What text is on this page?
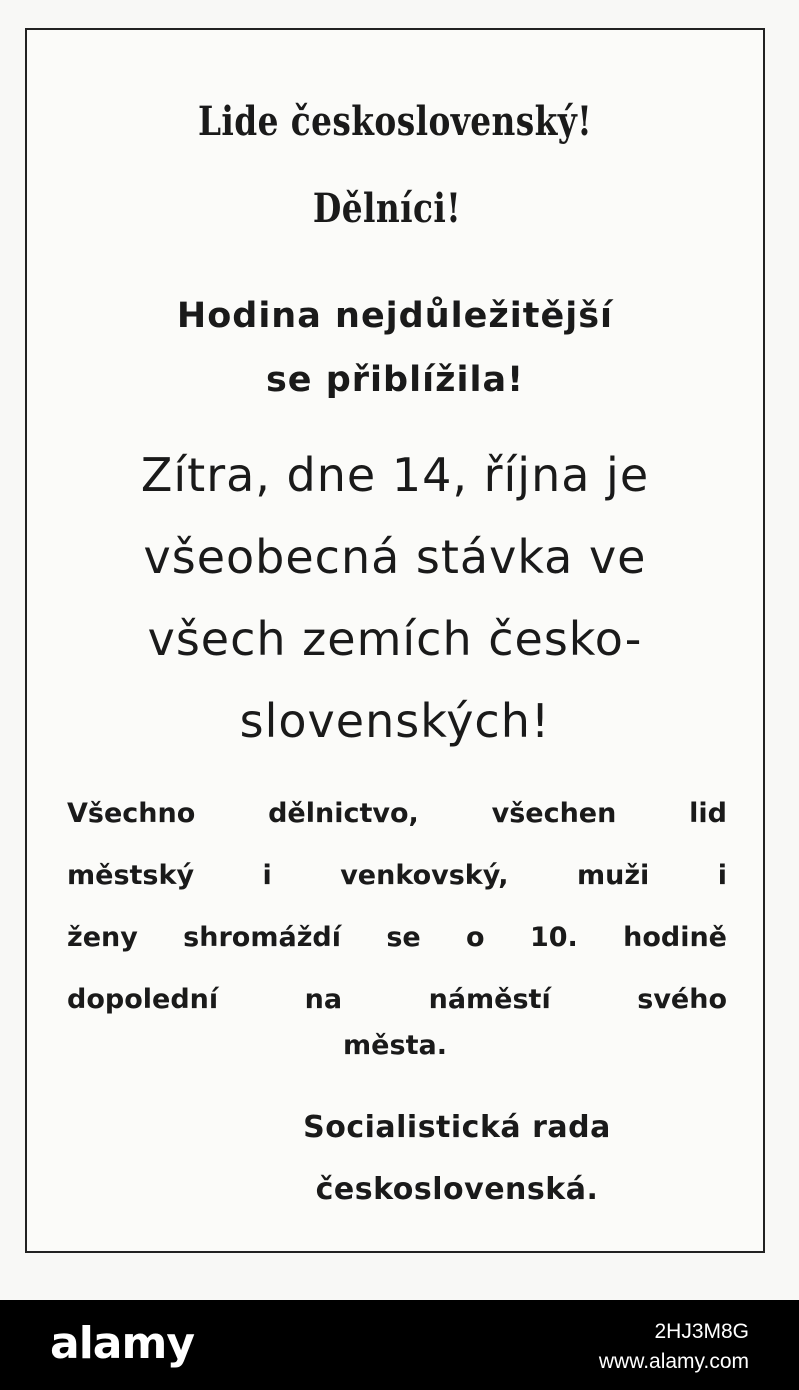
Lide československý!
Dělníci!
Hodina nejdůležitější
se přiblížila!
Zítra, dne 14, října je
všeobecná stávka ve
všech zemích česko-
slovenských!
Všechno dělnictvo, všechen lid
městský i venkovský, muži i
ženy shromáždí se o 10. hodině
dopolední na náměstí svého
města.
Socialistická rada
československá.
alamy	2HJ3M8G
www.alamy.com
